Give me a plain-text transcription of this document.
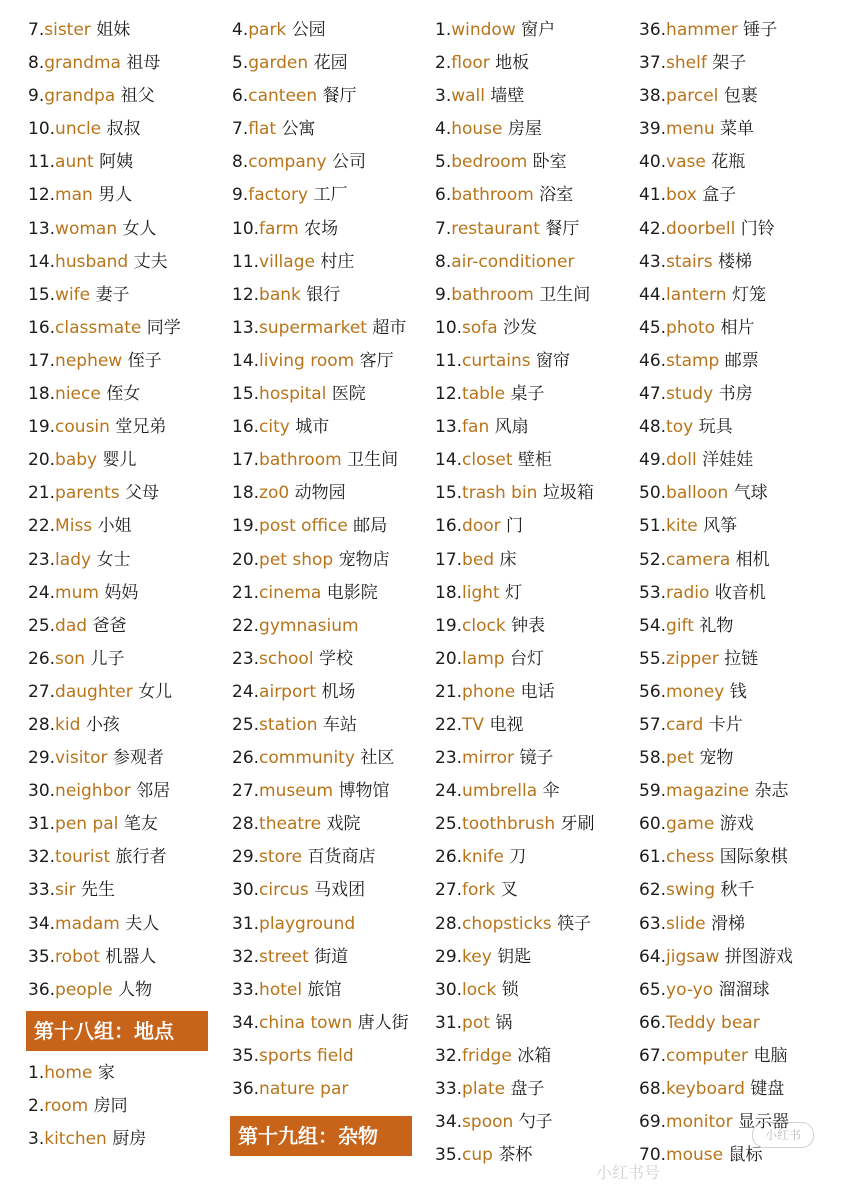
7.sister 姐妹
8.grandma 祖母
9.grandpa 祖父
10.uncle 叔叔
11.aunt 阿姨
12.man 男人
13.woman 女人
14.husband 丈夫
15.wife 妻子
16.classmate 同学
17.nephew 侄子
18.niece 侄女
19.cousin 堂兄弟
20.baby 婴儿
21.parents 父母
22.Miss 小姐
23.lady 女士
24.mum 妈妈
25.dad 爸爸
26.son 儿子
27.daughter 女儿
28.kid 小孩
29.visitor 参观者
30.neighbor 邻居
31.pen pal 笔友
32.tourist 旅行者
33.sir 先生
34.madam 夫人
35.robot 机器人
36.people 人物
第十八组：地点
1.home 家
2.room 房同
3.kitchen 厨房
4.park 公园
5.garden 花园
6.canteen 餐厅
7.flat 公寓
8.company 公司
9.factory 工厂
10.farm 农场
11.village 村庄
12.bank 银行
13.supermarket 超市
14.living room 客厅
15.hospital 医院
16.city 城市
17.bathroom 卫生间
18.zo0 动物园
19.post office 邮局
20.pet shop 宠物店
21.cinema 电影院
22.gymnasium
23.school 学校
24.airport 机场
25.station 车站
26.community 社区
27.museum 博物馆
28.theatre 戏院
29.store 百货商店
30.circus 马戏团
31.playground
32.street 街道
33.hotel 旅馆
34.china town 唐人街
35.sports field
36.nature par
第十九组：杂物
1.window 窗户
2.floor 地板
3.wall 墙壁
4.house 房屋
5.bedroom 卧室
6.bathroom 浴室
7.restaurant 餐厅
8.air-conditioner
9.bathroom 卫生间
10.sofa 沙发
11.curtains 窗帘
12.table 桌子
13.fan 风扇
14.closet 壁柜
15.trash bin 垃圾箱
16.door 门
17.bed 床
18.light 灯
19.clock 钟表
20.lamp 台灯
21.phone 电话
22.TV 电视
23.mirror 镜子
24.umbrella 伞
25.toothbrush 牙刷
26.knife 刀
27.fork 叉
28.chopsticks 筷子
29.key 钥匙
30.lock 锁
31.pot 锅
32.fridge 冰箱
33.plate 盘子
34.spoon 勺子
35.cup 茶杯
36.hammer 锤子
37.shelf 架子
38.parcel 包裹
39.menu 菜单
40.vase 花瓶
41.box 盒子
42.doorbell 门铃
43.stairs 楼梯
44.lantern 灯笼
45.photo 相片
46.stamp 邮票
47.study 书房
48.toy 玩具
49.doll 洋娃娃
50.balloon 气球
51.kite 风筝
52.camera 相机
53.radio 收音机
54.gift 礼物
55.zipper 拉链
56.money 钱
57.card 卡片
58.pet 宠物
59.magazine 杂志
60.game 游戏
61.chess 国际象棋
62.swing 秋千
63.slide 滑梯
64.jigsaw 拼图游戏
65.yo-yo 溜溜球
66.Teddy bear
67.computer 电脑
68.keyboard 键盘
69.monitor 显示器
70.mouse 鼠标
小红书
小红书号
